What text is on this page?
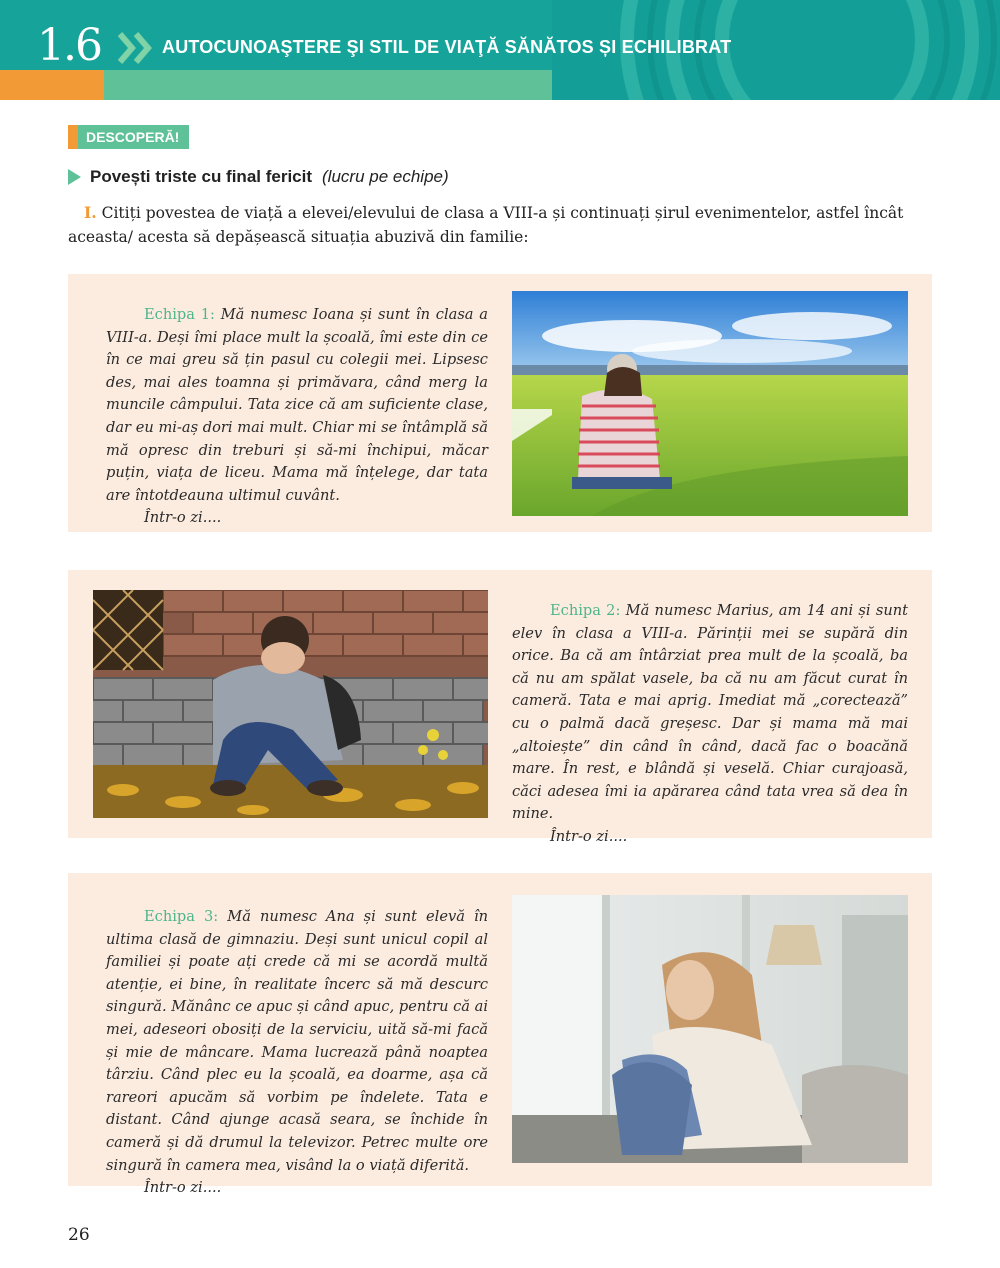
1.6	AUTOCUNOAŞTERE ŞI STIL DE VIAŢĂ SĂNĂTOS ȘI ECHILIBRAT
DESCOPERĂ!
Povești triste cu final fericit (lucru pe echipe)
I. Citiți povestea de viață a elevei/elevului de clasa a VIII-a și continuați șirul evenimentelor, astfel încât aceasta/ acesta să depășească situația abuzivă din familie:

Echipa 1: Mă numesc Ioana și sunt în clasa a VIII-a. Deși îmi place mult la școală, îmi este din ce în ce mai greu să țin pasul cu colegii mei. Lipsesc des, mai ales toamna și primăvara, când merg la muncile câmpului. Tata zice că am suficiente clase, dar eu mi-aș dori mai mult. Chiar mi se întâmplă să mă opresc din treburi și să-mi închipui, măcar puțin, viața de liceu. Mama mă înțelege, dar tata are întotdeauna ultimul cuvânt.

Într-o zi....

Echipa 2: Mă numesc Marius, am 14 ani și sunt elev în clasa a VIII-a. Părinții mei se supără din orice. Ba că am întârziat prea mult de la școală, ba că nu am spălat vasele, ba că nu am făcut curat în cameră. Tata e mai aprig. Imediat mă „corectează” cu o palmă dacă greșesc. Dar și mama mă mai „altoiește” din când în când, dacă fac o boacănă mare. În rest, e blândă și veselă. Chiar curajoasă, căci adesea îmi ia apărarea când tata vrea să dea în mine.

Într-o zi....

Echipa 3: Mă numesc Ana și sunt elevă în ultima clasă de gimnaziu. Deși sunt unicul copil al familiei și poate ați crede că mi se acordă multă atenție, ei bine, în realitate încerc să mă descurc singură. Mănânc ce apuc și când apuc, pentru că ai mei, adeseori obosiți de la serviciu, uită să-mi facă și mie de mâncare. Mama lucrează până noaptea târziu. Când plec eu la școală, ea doarme, așa că rareori apucăm să vorbim pe îndelete. Tata e distant. Când ajunge acasă seara, se închide în cameră și dă drumul la televizor. Petrec multe ore singură în camera mea, visând la o viață diferită.

Într-o zi....

26
